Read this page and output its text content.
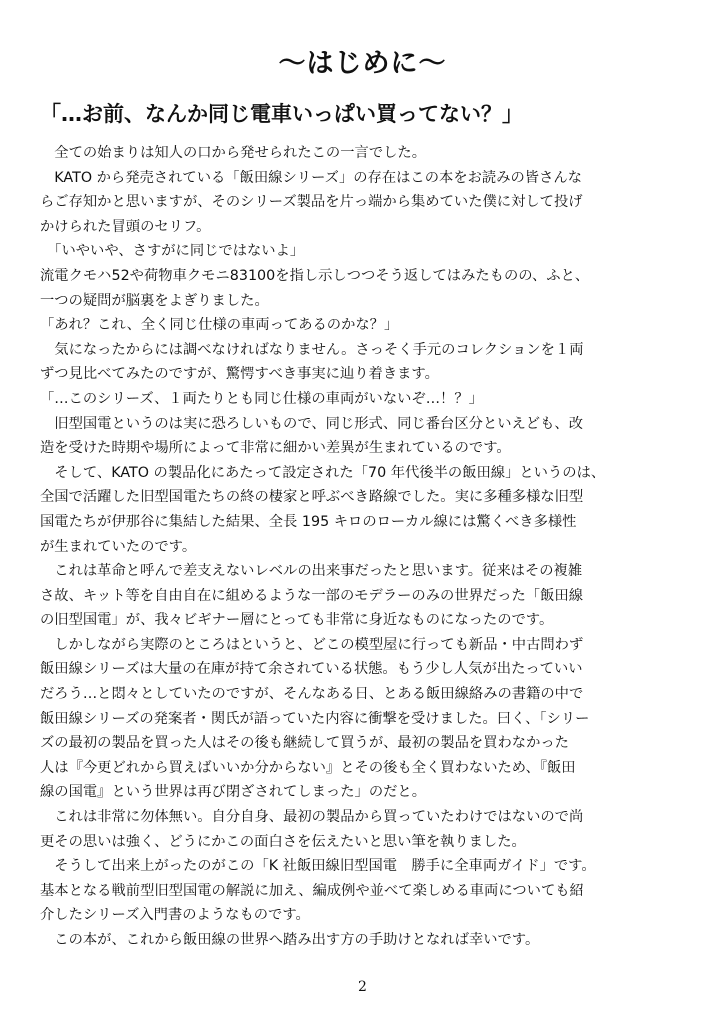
～はじめに～
「…お前、なんか同じ電車いっぱい買ってない？」
　全ての始まりは知人の口から発せられたこの一言でした。
　KATO から発売されている「飯田線シリーズ」の存在はこの本をお読みの皆さんな
らご存知かと思いますが、そのシリーズ製品を片っ端から集めていた僕に対して投げ
かけられた冒頭のセリフ。
　「いやいや、さすがに同じではないよ」
流電クモハ52や荷物車クモニ83100を指し示しつつそう返してはみたものの、ふと、
一つの疑問が脳裏をよぎりました。
「あれ？これ、全く同じ仕様の車両ってあるのかな？」
　気になったからには調べなければなりません。さっそく手元のコレクションを１両
ずつ見比べてみたのですが、驚愕すべき事実に辿り着きます。
「…このシリーズ、１両たりとも同じ仕様の車両がいないぞ…！？」
　旧型国電というのは実に恐ろしいもので、同じ形式、同じ番台区分といえども、改
造を受けた時期や場所によって非常に細かい差異が生まれているのです。
　そして、KATO の製品化にあたって設定された「70 年代後半の飯田線」というのは、
全国で活躍した旧型国電たちの終の棲家と呼ぶべき路線でした。実に多種多様な旧型
国電たちが伊那谷に集結した結果、全長 195 キロのローカル線には驚くべき多様性
が生まれていたのです。
　これは革命と呼んで差支えないレベルの出来事だったと思います。従来はその複雑
さ故、キット等を自由自在に組めるような一部のモデラーのみの世界だった「飯田線
の旧型国電」が、我々ビギナー層にとっても非常に身近なものになったのです。
　しかしながら実際のところはというと、どこの模型屋に行っても新品・中古問わず
飯田線シリーズは大量の在庫が持て余されている状態。もう少し人気が出たっていい
だろう…と悶々としていたのですが、そんなある日、とある飯田線絡みの書籍の中で
飯田線シリーズの発案者・関氏が語っていた内容に衝撃を受けました。曰く、「シリー
ズの最初の製品を買った人はその後も継続して買うが、最初の製品を買わなかった
人は『今更どれから買えばいいか分からない』とその後も全く買わないため、『飯田
線の国電』という世界は再び閉ざされてしまった」のだと。
　これは非常に勿体無い。自分自身、最初の製品から買っていたわけではないので尚
更その思いは強く、どうにかこの面白さを伝えたいと思い筆を執りました。
　そうして出来上がったのがこの「K 社飯田線旧型国電　勝手に全車両ガイド」です。
基本となる戦前型旧型国電の解説に加え、編成例や並べて楽しめる車両についても紹
介したシリーズ入門書のようなものです。
　この本が、これから飯田線の世界へ踏み出す方の手助けとなれば幸いです。
2
